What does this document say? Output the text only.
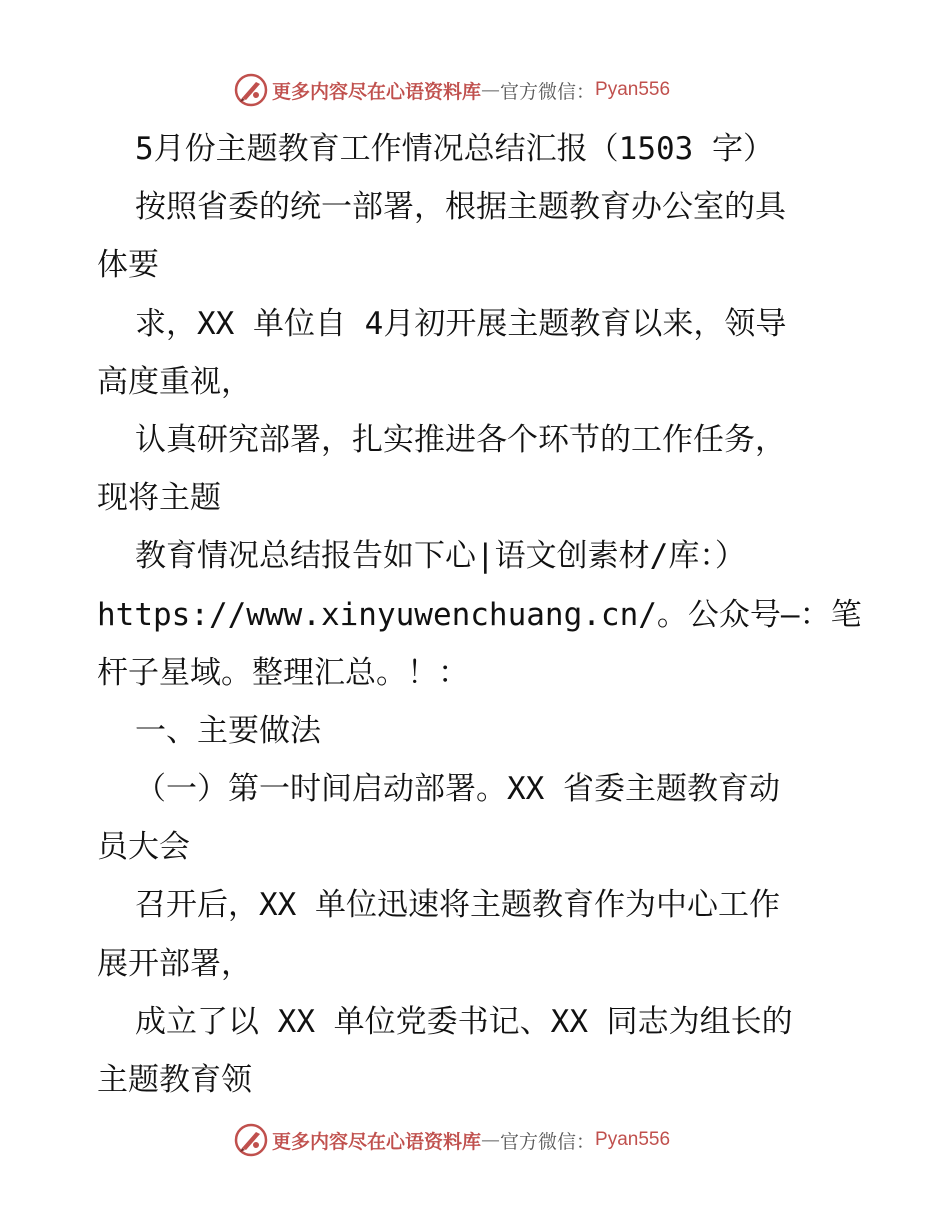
更多内容尽在心语资料库 — 官方微信： Pyan556
5月份主题教育工作情况总结汇报（1503 字）
按照省委的统一部署，根据主题教育办公室的具
体要
求，XX 单位自 4月初开展主题教育以来，领导
高度重视，
认真研究部署，扎实推进各个环节的工作任务，
现将主题
教育情况总结报告如下心|语文创素材/库：）
https://www.xinyuwenchuang.cn/。公众号—：笔
杆子星域。整理汇总。！：
一、主要做法
（一）第一时间启动部署。XX 省委主题教育动
员大会
召开后，XX 单位迅速将主题教育作为中心工作
展开部署，
成立了以 XX 单位党委书记、XX 同志为组长的
主题教育领
更多内容尽在心语资料库 — 官方微信： Pyan556
